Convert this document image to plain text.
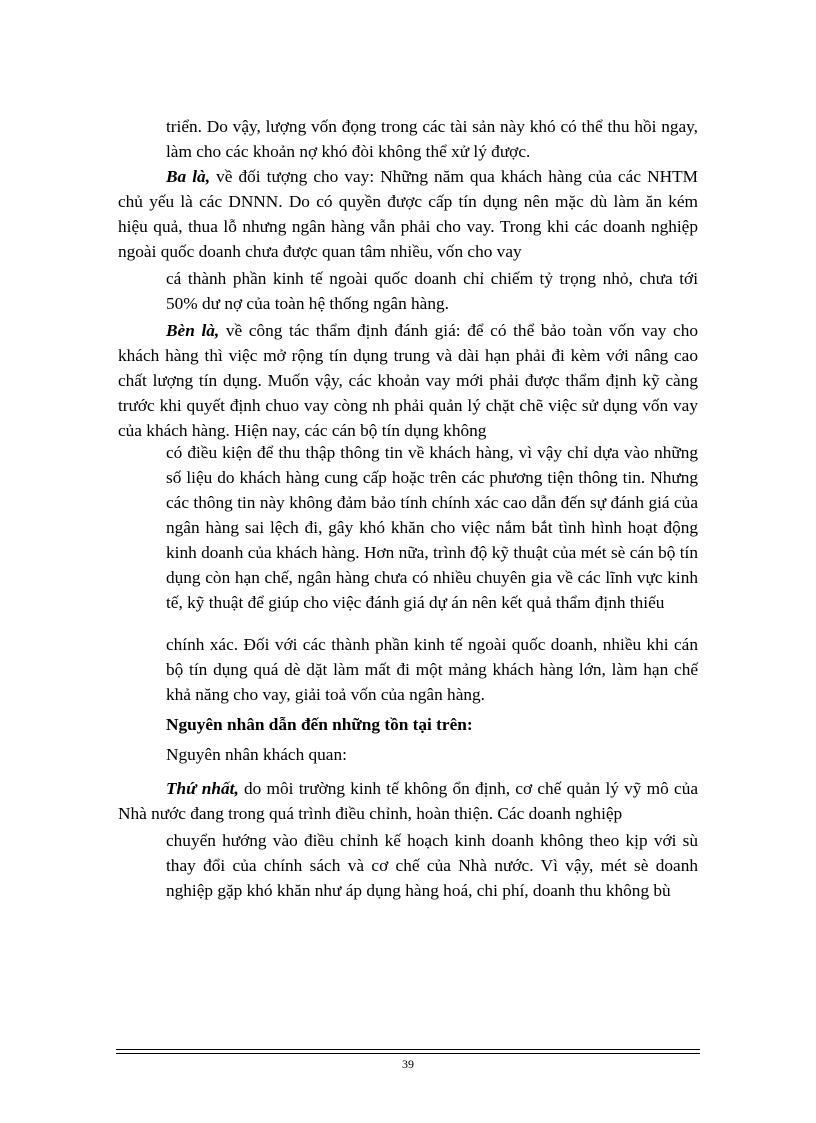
triển. Do vậy, lượng vốn đọng trong các tài sản này khó có thể thu hồi ngay, làm cho các khoản nợ khó đòi không thể xử lý được.

Ba là, về đối tượng cho vay: Những năm qua khách hàng của các NHTM chủ yếu là các DNNN. Do có quyền được cấp tín dụng nên mặc dù làm ăn kém hiệu quả, thua lỗ nhưng ngân hàng vẫn phải cho vay. Trong khi các doanh nghiệp ngoài quốc doanh chưa được quan tâm nhiều, vốn cho vay

cá thành phần kinh tế ngoài quốc doanh chỉ chiếm tỷ trọng nhỏ, chưa tới 50% dư nợ của toàn hệ thống ngân hàng.

Bèn là, về công tác thẩm định đánh giá: để có thể bảo toàn vốn vay cho khách hàng thì việc mở rộng tín dụng trung và dài hạn phải đi kèm với nâng cao chất lượng tín dụng. Muốn vậy, các khoản vay mới phải được thẩm định kỹ càng trước khi quyết định chuo vay còng nh phải quản lý chặt chẽ việc sử dụng vốn vay của khách hàng. Hiện nay, các cán bộ tín dụng không

có điều kiện để thu thập thông tin về khách hàng, vì vậy chỉ dựa vào những số liệu do khách hàng cung cấp hoặc trên các phương tiện thông tin. Nhưng các thông tin này không đảm bảo tính chính xác cao dẫn đến sự đánh giá của ngân hàng sai lệch đi, gây khó khăn cho việc nắm bắt tình hình hoạt động kinh doanh của khách hàng. Hơn nữa, trình độ kỹ thuật của mét sè cán bộ tín dụng còn hạn chế, ngân hàng chưa có nhiều chuyên gia về các lĩnh vực kinh tế, kỹ thuật để giúp cho việc đánh giá dự án nên kết quả thẩm định thiếu

chính xác. Đối với các thành phần kinh tế ngoài quốc doanh, nhiều khi cán bộ tín dụng quá dè dặt làm mất đi một mảng khách hàng lớn, làm hạn chế khả năng cho vay, giải toả vốn của ngân hàng.

Nguyên nhân dẫn đến những tồn tại trên:

Nguyên nhân khách quan:

Thứ nhất, do môi trường kinh tế không ổn định, cơ chế quản lý vỹ mô của Nhà nước đang trong quá trình điều chỉnh, hoàn thiện. Các doanh nghiệp

chuyển hướng vào điều chỉnh kế hoạch kinh doanh không theo kịp với sù thay đổi của chính sách và cơ chế của Nhà nước. Vì vậy, mét sè doanh nghiệp gặp khó khăn như áp dụng hàng hoá, chi phí, doanh thu không bù

39
